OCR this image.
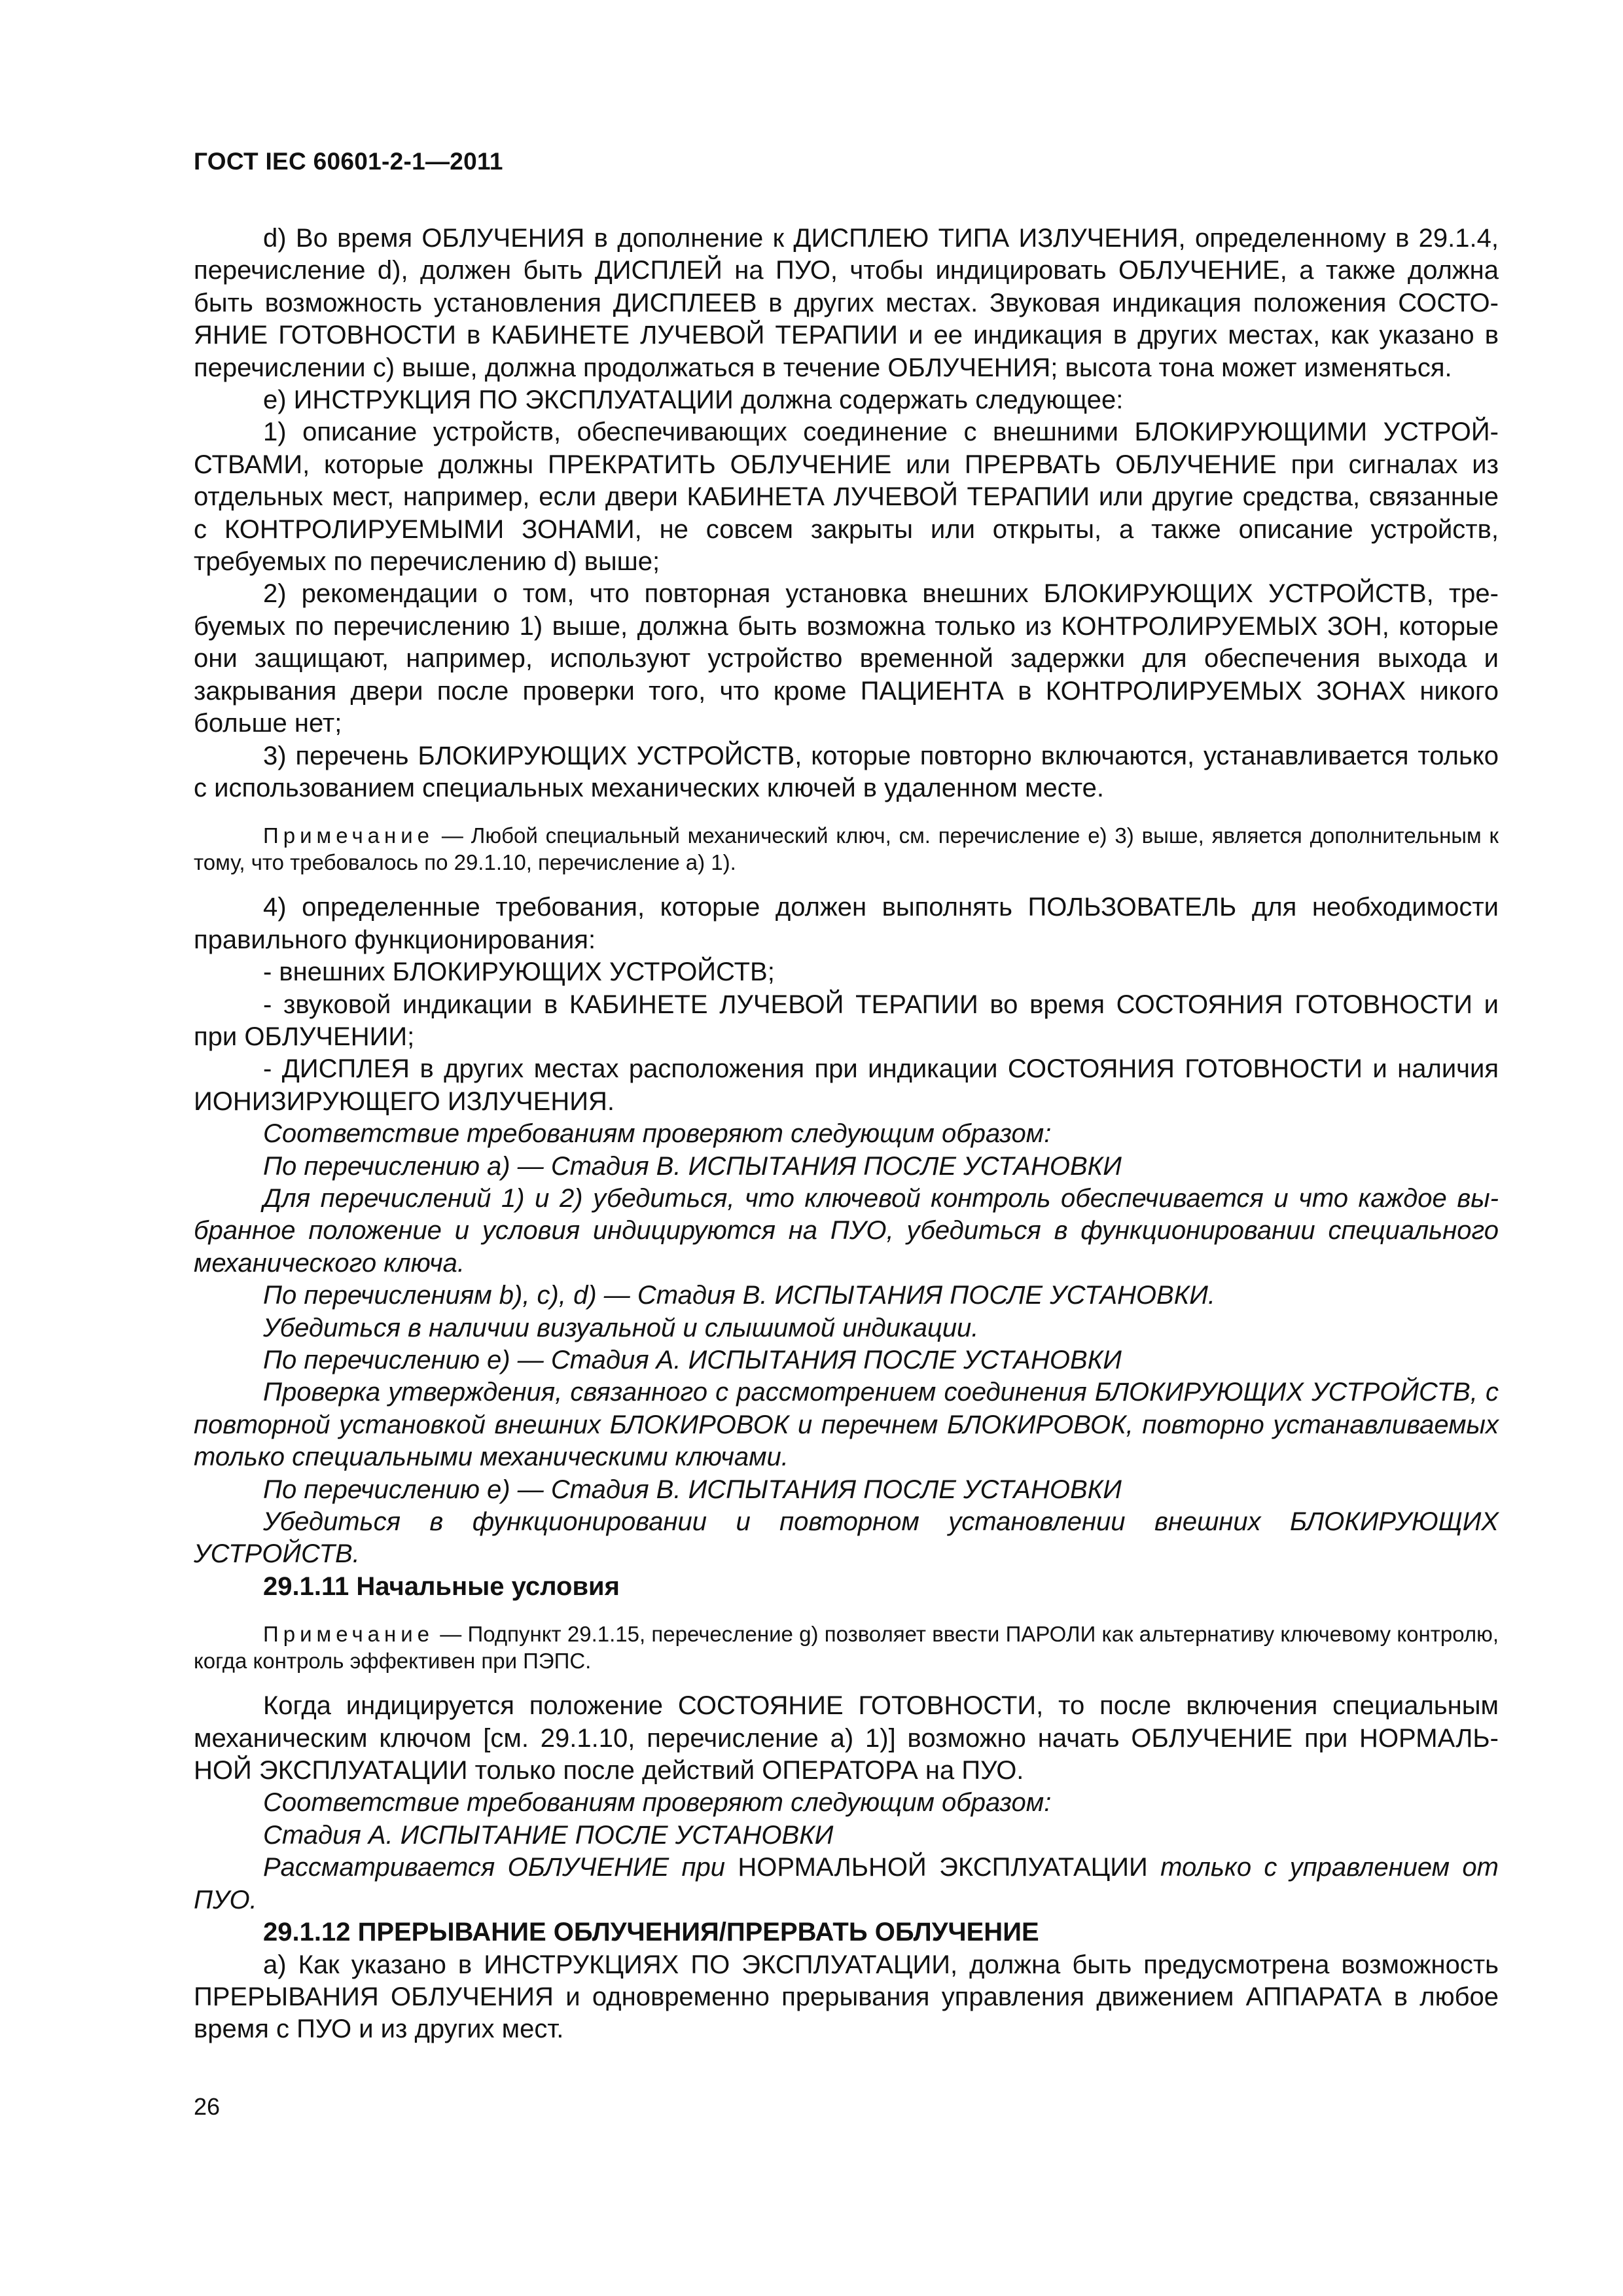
ГОСТ IEC 60601-2-1—2011

d) Во время ОБЛУЧЕНИЯ в дополнение к ДИСПЛЕЮ ТИПА ИЗЛУЧЕНИЯ, определенному в 29.1.4, перечисление d), должен быть ДИСПЛЕЙ на ПУО, чтобы индицировать ОБЛУЧЕНИЕ, а также должна быть возможность установления ДИСПЛЕЕВ в других местах. Звуковая индикация положения СОСТОЯНИЕ ГОТОВНОСТИ в КАБИНЕТЕ ЛУЧЕВОЙ ТЕРАПИИ и ее индикация в других местах, как указано в перечислении с) выше, должна продолжаться в течение ОБЛУЧЕНИЯ; высота тона может изменяться.

е) ИНСТРУКЦИЯ ПО ЭКСПЛУАТАЦИИ должна содержать следующее:

1) описание устройств, обеспечивающих соединение с внешними БЛОКИРУЮЩИМИ УСТРОЙСТВАМИ, которые должны ПРЕКРАТИТЬ ОБЛУЧЕНИЕ или ПРЕРВАТЬ ОБЛУЧЕНИЕ при сигналах из отдельных мест, например, если двери КАБИНЕТА ЛУЧЕВОЙ ТЕРАПИИ или другие средства, связанные с КОНТРОЛИРУЕМЫМИ ЗОНАМИ, не совсем закрыты или открыты, а также описание устройств, требуемых по перечислению d) выше;

2) рекомендации о том, что повторная установка внешних БЛОКИРУЮЩИХ УСТРОЙСТВ, требуемых по перечислению 1) выше, должна быть возможна только из КОНТРОЛИРУЕМЫХ ЗОН, которые они защищают, например, используют устройство временной задержки для обеспечения выхода и закрывания двери после проверки того, что кроме ПАЦИЕНТА в КОНТРОЛИРУЕМЫХ ЗОНАХ никого больше нет;

3) перечень БЛОКИРУЮЩИХ УСТРОЙСТВ, которые повторно включаются, устанавливается только с использованием специальных механических ключей в удаленном месте.

Примечание — Любой специальный механический ключ, см. перечисление е) 3) выше, является дополнительным к тому, что требовалось по 29.1.10, перечисление а) 1).

4) определенные требования, которые должен выполнять ПОЛЬЗОВАТЕЛЬ для необходимости правильного функционирования:

- внешних БЛОКИРУЮЩИХ УСТРОЙСТВ;

- звуковой индикации в КАБИНЕТЕ ЛУЧЕВОЙ ТЕРАПИИ во время СОСТОЯНИЯ ГОТОВНОСТИ и при ОБЛУЧЕНИИ;

- ДИСПЛЕЯ в других местах расположения при индикации СОСТОЯНИЯ ГОТОВНОСТИ и наличия ИОНИЗИРУЮЩЕГО ИЗЛУЧЕНИЯ.

Соответствие требованиям проверяют следующим образом:

По перечислению а) — Стадия В. ИСПЫТАНИЯ ПОСЛЕ УСТАНОВКИ

Для перечислений 1) и 2) убедиться, что ключевой контроль обеспечивается и что каждое выбранное положение и условия индицируются на ПУО, убедиться в функционировании специального механического ключа.

По перечислениям b), с), d) — Стадия В. ИСПЫТАНИЯ ПОСЛЕ УСТАНОВКИ.

Убедиться в наличии визуальной и слышимой индикации.

По перечислению е) — Стадия А. ИСПЫТАНИЯ ПОСЛЕ УСТАНОВКИ

Проверка утверждения, связанного с рассмотрением соединения БЛОКИРУЮЩИХ УСТРОЙСТВ, с повторной установкой внешних БЛОКИРОВОК и перечнем БЛОКИРОВОК, повторно устанавливаемых только специальными механическими ключами.

По перечислению е) — Стадия В. ИСПЫТАНИЯ ПОСЛЕ УСТАНОВКИ

Убедиться в функционировании и повторном установлении внешних БЛОКИРУЮЩИХ УСТРОЙСТВ.

29.1.11 Начальные условия

Примечание — Подпункт 29.1.15, перечесление g) позволяет ввести ПАРОЛИ как альтернативу ключевому контролю, когда контроль эффективен при ПЭПС.

Когда индицируется положение СОСТОЯНИЕ ГОТОВНОСТИ, то после включения специальным механическим ключом [см. 29.1.10, перечисление а) 1)] возможно начать ОБЛУЧЕНИЕ при НОРМАЛЬНОЙ ЭКСПЛУАТАЦИИ только после действий ОПЕРАТОРА на ПУО.

Соответствие требованиям проверяют следующим образом:

Стадия А. ИСПЫТАНИЕ ПОСЛЕ УСТАНОВКИ

Рассматривается ОБЛУЧЕНИЕ при НОРМАЛЬНОЙ ЭКСПЛУАТАЦИИ только с управлением от ПУО.

29.1.12 ПРЕРЫВАНИЕ ОБЛУЧЕНИЯ/ПРЕРВАТЬ ОБЛУЧЕНИЕ

а) Как указано в ИНСТРУКЦИЯХ ПО ЭКСПЛУАТАЦИИ, должна быть предусмотрена возможность ПРЕРЫВАНИЯ ОБЛУЧЕНИЯ и одновременно прерывания управления движением АППАРАТА в любое время с ПУО и из других мест.

26
